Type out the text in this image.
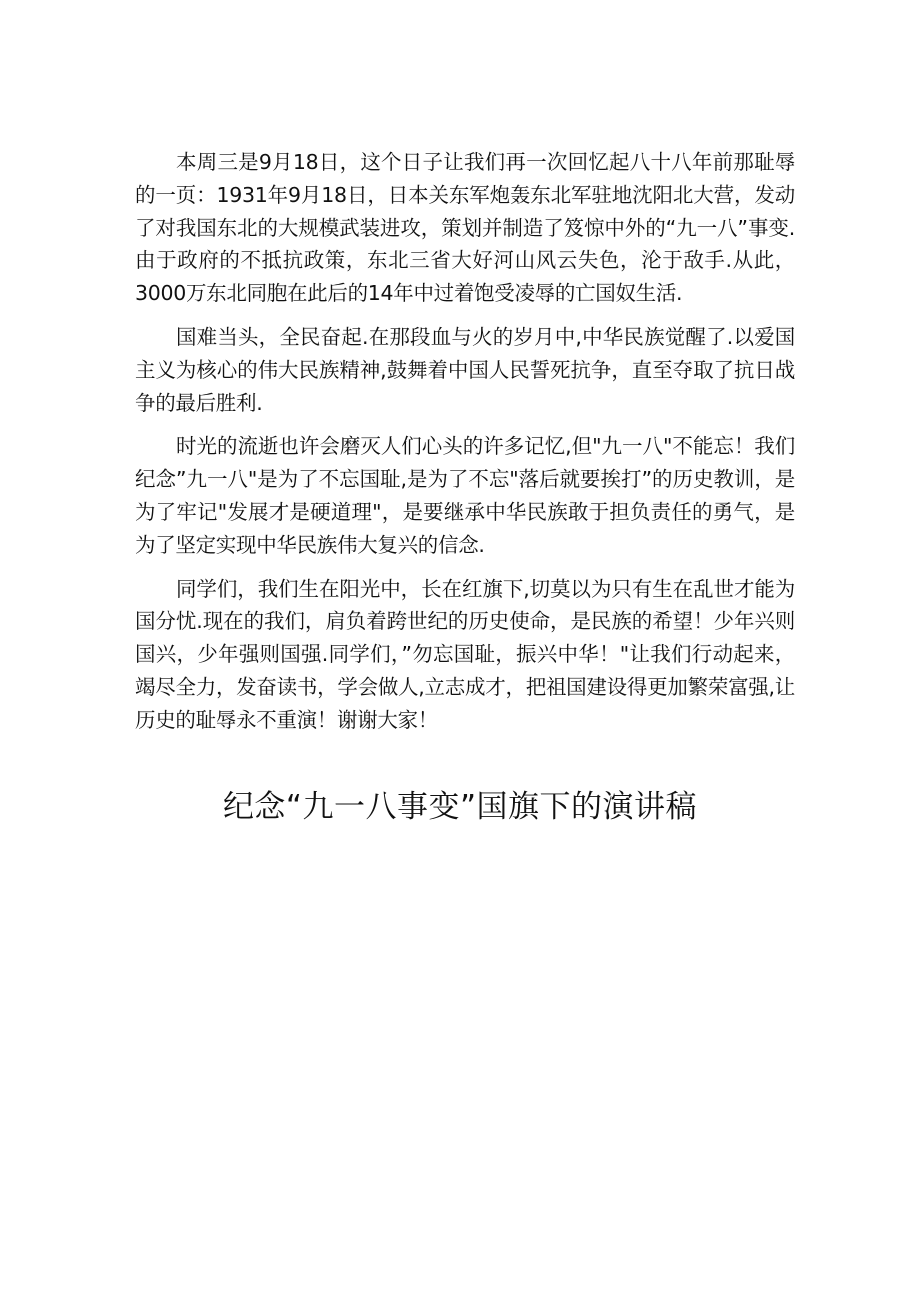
本周三是9月18日，这个日子让我们再一次回忆起八十八年前那耻辱的一页：1931年9月18日，日本关东军炮轰东北军驻地沈阳北大营，发动了对我国东北的大规模武装进攻，策划并制造了笈惊中外的“九一八”事变.由于政府的不抵抗政策，东北三省大好河山风云失色，沦于敌手.从此，3000万东北同胞在此后的14年中过着饱受凌辱的亡国奴生活.

国难当头，全民奋起.在那段血与火的岁月中,中华民族觉醒了.以爱国主义为核心的伟大民族精神,鼓舞着中国人民誓死抗争，直至夺取了抗日战争的最后胜利.

时光的流逝也许会磨灭人们心头的许多记忆,但"九一八"不能忘！我们纪念”九一八"是为了不忘国耻,是为了不忘"落后就要挨打”的历史教训，是为了牢记"发展才是硬道理"，是要继承中华民族敢于担负责任的勇气，是为了坚定实现中华民族伟大复兴的信念.

同学们，我们生在阳光中，长在红旗下,切莫以为只有生在乱世才能为国分忧.现在的我们，肩负着跨世纪的历史使命，是民族的希望！少年兴则国兴，少年强则国强.同学们，”勿忘国耻，振兴中华！"让我们行动起来，竭尽全力，发奋读书，学会做人,立志成才，把祖国建设得更加繁荣富强,让历史的耻辱永不重演！谢谢大家！

纪念“九一八事变”国旗下的演讲稿
